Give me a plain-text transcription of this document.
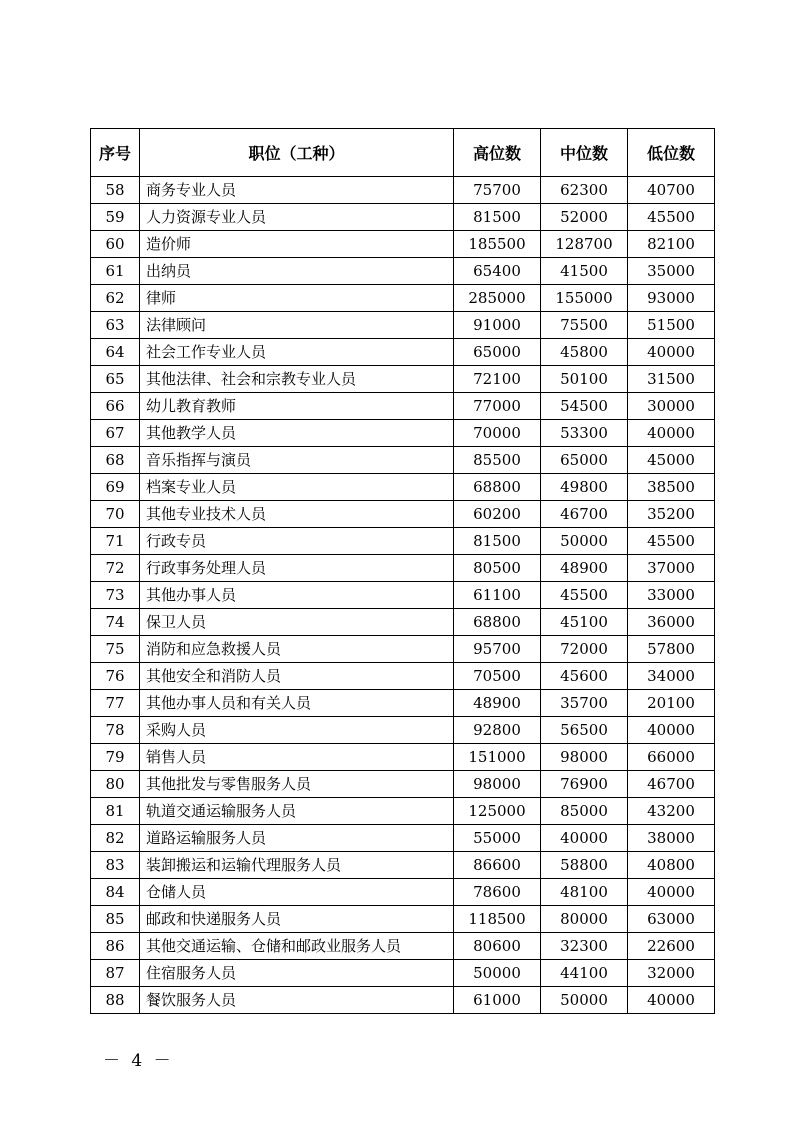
序号	职位（工种）	高位数	中位数	低位数
58	商务专业人员	75700	62300	40700
59	人力资源专业人员	81500	52000	45500
60	造价师	185500	128700	82100
61	出纳员	65400	41500	35000
62	律师	285000	155000	93000
63	法律顾问	91000	75500	51500
64	社会工作专业人员	65000	45800	40000
65	其他法律、社会和宗教专业人员	72100	50100	31500
66	幼儿教育教师	77000	54500	30000
67	其他教学人员	70000	53300	40000
68	音乐指挥与演员	85500	65000	45000
69	档案专业人员	68800	49800	38500
70	其他专业技术人员	60200	46700	35200
71	行政专员	81500	50000	45500
72	行政事务处理人员	80500	48900	37000
73	其他办事人员	61100	45500	33000
74	保卫人员	68800	45100	36000
75	消防和应急救援人员	95700	72000	57800
76	其他安全和消防人员	70500	45600	34000
77	其他办事人员和有关人员	48900	35700	20100
78	采购人员	92800	56500	40000
79	销售人员	151000	98000	66000
80	其他批发与零售服务人员	98000	76900	46700
81	轨道交通运输服务人员	125000	85000	43200
82	道路运输服务人员	55000	40000	38000
83	装卸搬运和运输代理服务人员	86600	58800	40800
84	仓储人员	78600	48100	40000
85	邮政和快递服务人员	118500	80000	63000
86	其他交通运输、仓储和邮政业服务人员	80600	32300	22600
87	住宿服务人员	50000	44100	32000
88	餐饮服务人员	61000	50000	40000
－ 4 －
